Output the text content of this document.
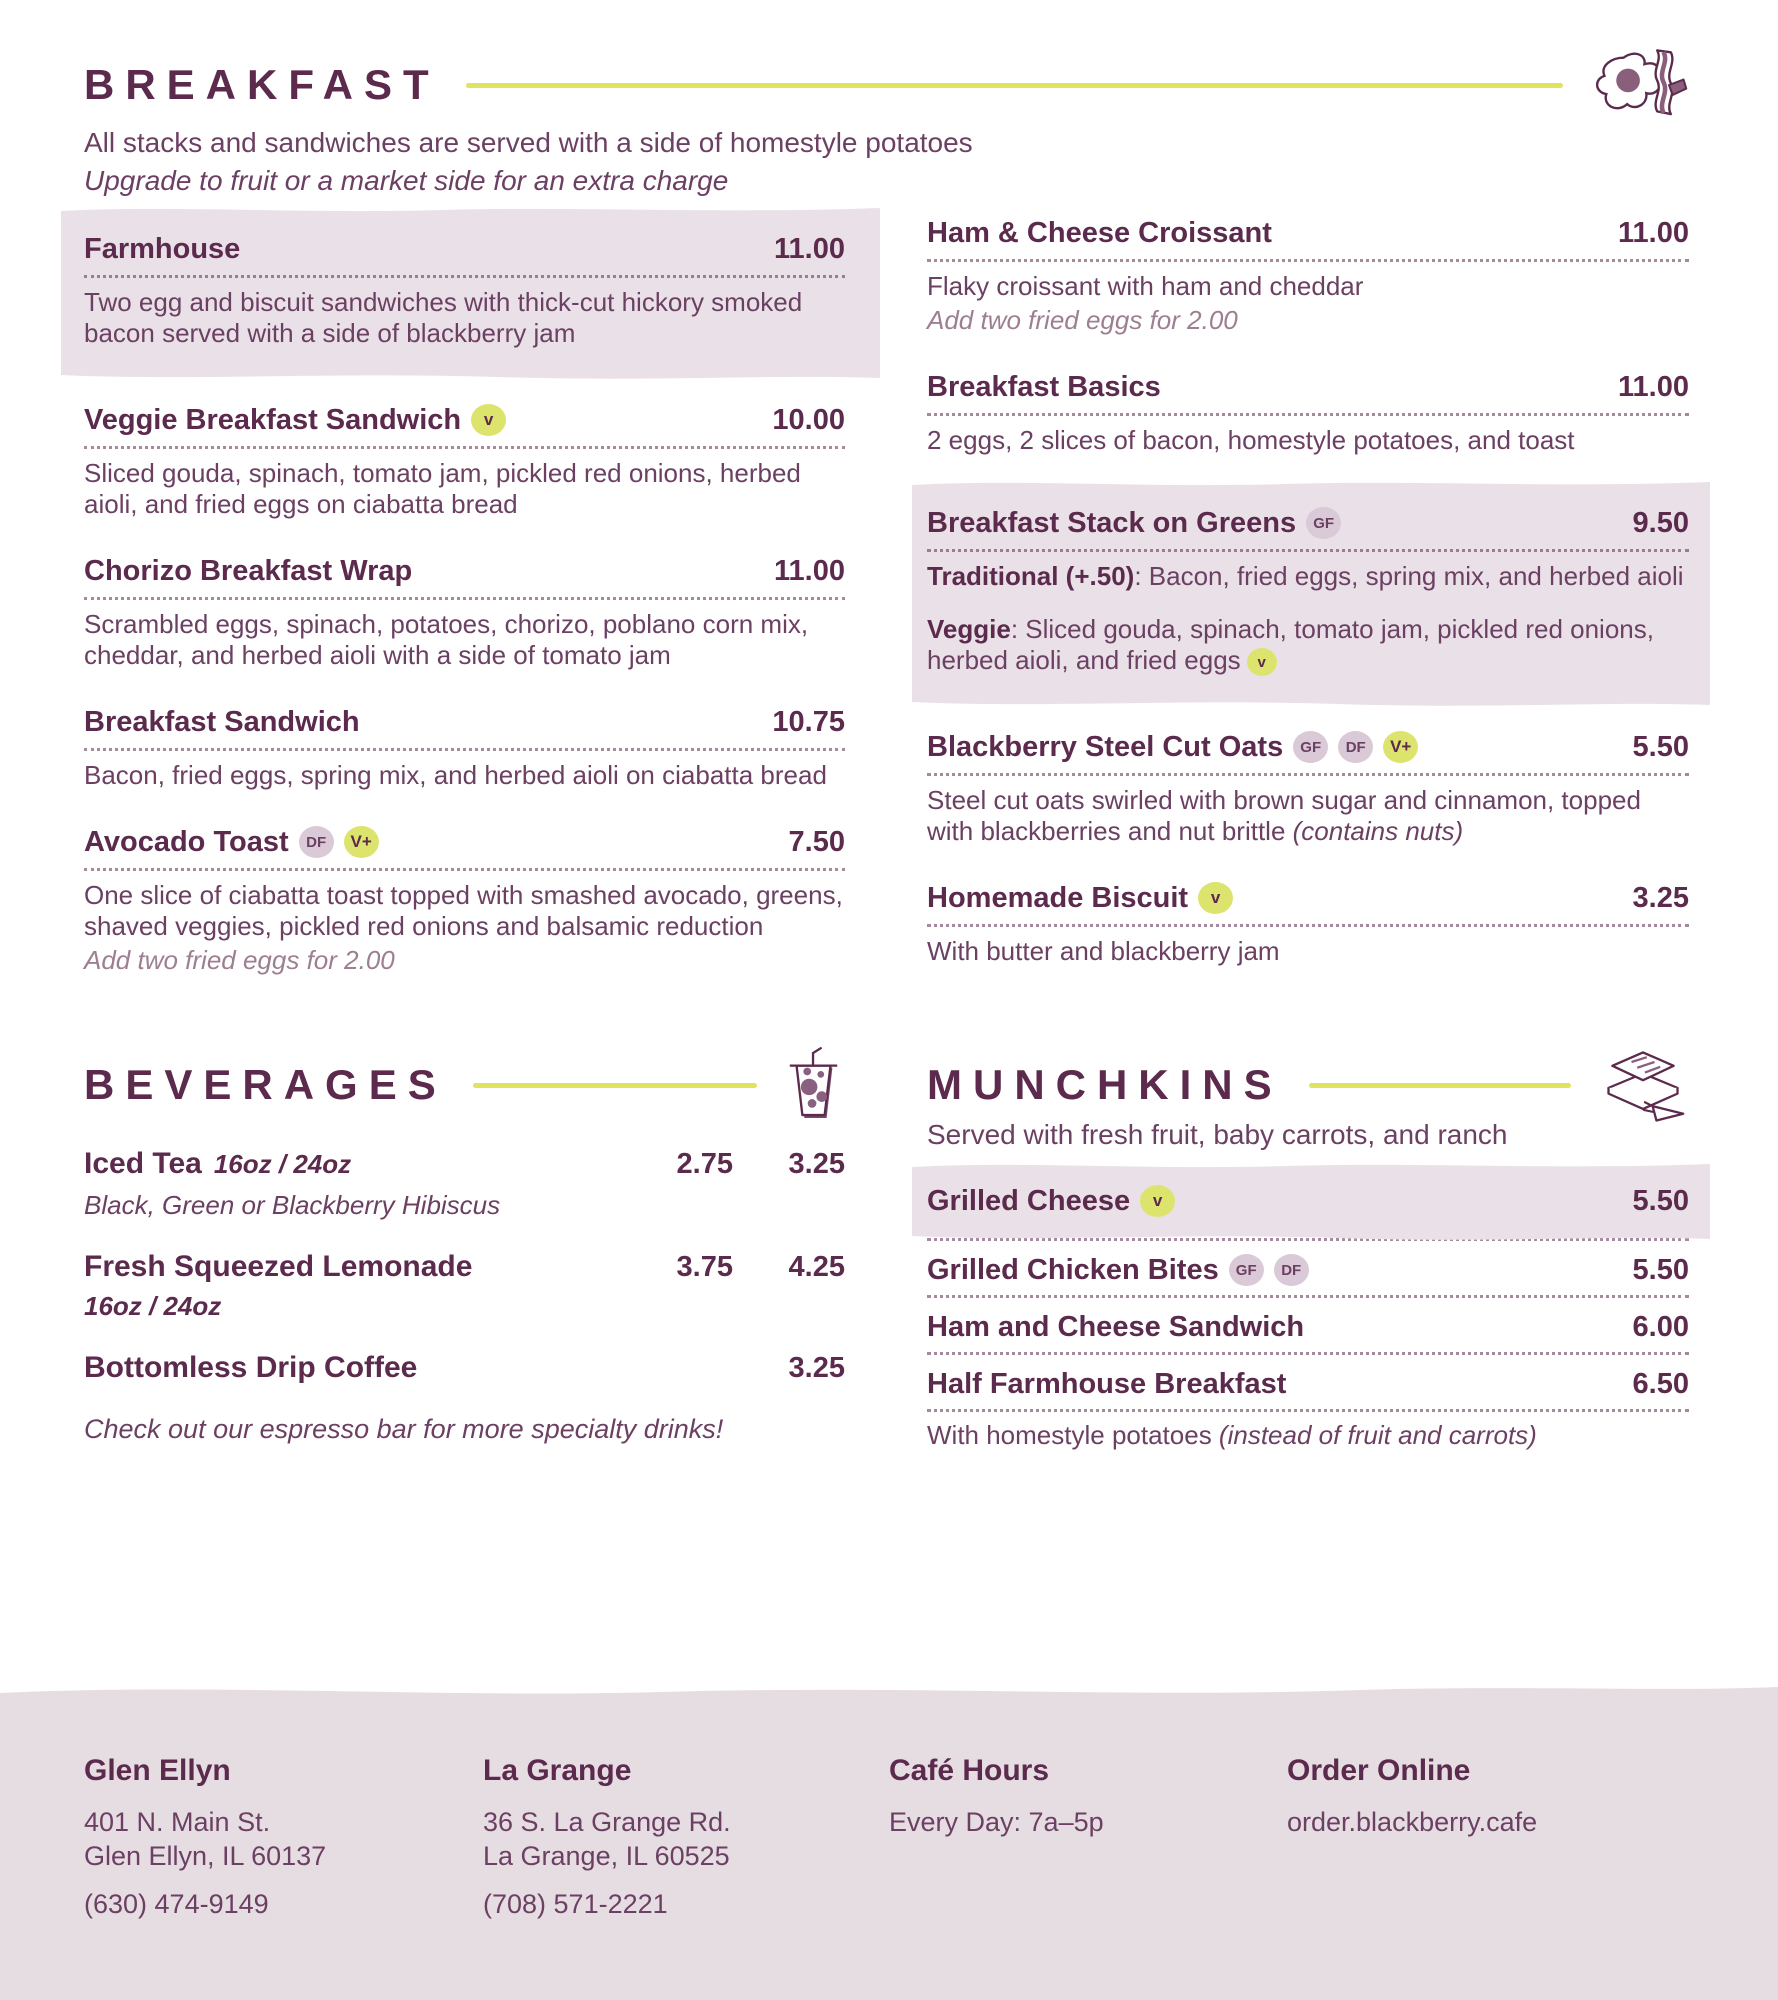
BREAKFAST

All stacks and sandwiches are served with a side of homestyle potatoes

Upgrade to fruit or a market side for an extra charge

Farmhouse	11.00

Two egg and biscuit sandwiches with thick-cut hickory smoked bacon served with a side of blackberry jam

Veggie Breakfast Sandwich	v	10.00

Sliced gouda, spinach, tomato jam, pickled red onions, herbed aioli, and fried eggs on ciabatta bread

Chorizo Breakfast Wrap	11.00

Scrambled eggs, spinach, potatoes, chorizo, poblano corn mix, cheddar, and herbed aioli with a side of tomato jam

Breakfast Sandwich	10.75

Bacon, fried eggs, spring mix, and herbed aioli on ciabatta bread

Avocado Toast	DF	V+	7.50

One slice of ciabatta toast topped with smashed avocado, greens, shaved veggies, pickled red onions and balsamic reduction

Add two fried eggs for 2.00

Ham & Cheese Croissant	11.00

Flaky croissant with ham and cheddar

Add two fried eggs for 2.00

Breakfast Basics	11.00

2 eggs, 2 slices of bacon, homestyle potatoes, and toast

Breakfast Stack on Greens	GF	9.50

Traditional (+.50): Bacon, fried eggs, spring mix, and herbed aioli

Veggie: Sliced gouda, spinach, tomato jam, pickled red onions, herbed aioli, and fried eggs v

Blackberry Steel Cut Oats	GF	DF	V+	5.50

Steel cut oats swirled with brown sugar and cinnamon, topped with blackberries and nut brittle (contains nuts)

Homemade Biscuit	v	3.25

With butter and blackberry jam

BEVERAGES
Iced Tea 16oz / 24oz	2.75	3.25

Black, Green or Blackberry Hibiscus

Fresh Squeezed Lemonade	3.75	4.25

16oz / 24oz

Bottomless Drip Coffee	3.25

Check out our espresso bar for more specialty drinks!

MUNCHKINS

Served with fresh fruit, baby carrots, and ranch

Grilled Cheese	v	5.50
Grilled Chicken Bites	GF	DF	5.50
Ham and Cheese Sandwich	6.00
Half Farmhouse Breakfast	6.50

With homestyle potatoes (instead of fruit and carrots)

Glen Ellyn

401 N. Main St.

Glen Ellyn, IL 60137

(630) 474-9149

La Grange

36 S. La Grange Rd.

La Grange, IL 60525

(708) 571-2221

Café Hours

Every Day: 7a–5p

Order Online

order.blackberry.cafe
